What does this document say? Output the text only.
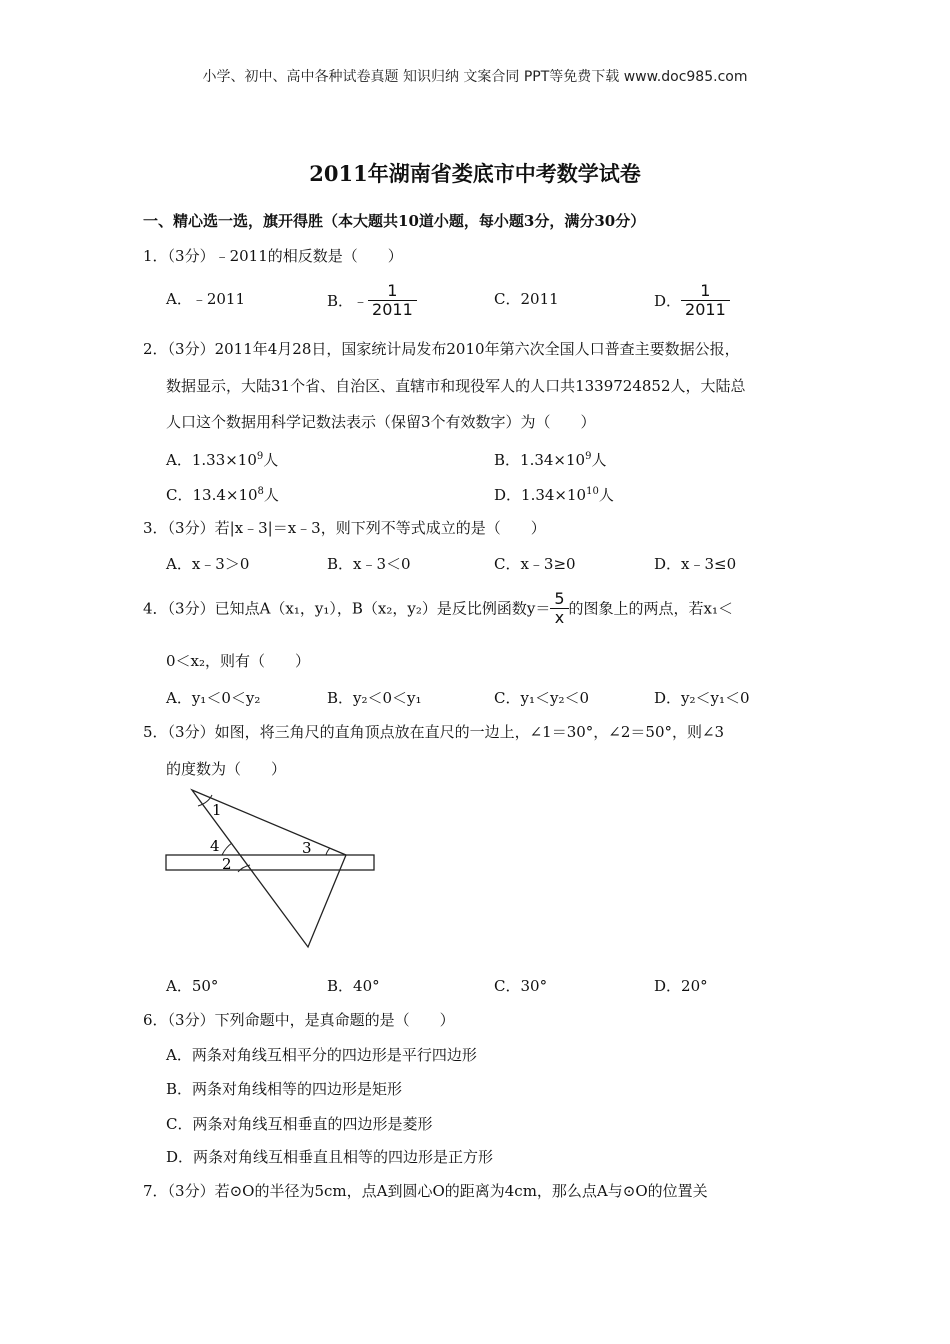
小学、初中、高中各种试卷真题 知识归纳 文案合同 PPT等免费下载 www.doc985.com
2011年湖南省娄底市中考数学试卷
一、精心选一选，旗开得胜（本大题共10道小题，每小题3分，满分30分）
1．（3分）﹣2011的相反数是（　　）
A．﹣2011	B．﹣ $\frac{1}{2011}$	C．2011	D． $\frac{1}{2011}$
2．（3分）2011年4月28日，国家统计局发布2010年第六次全国人口普查主要数据公报，
数据显示，大陆31个省、自治区、直辖市和现役军人的人口共1339724852人，大陆总
人口这个数据用科学记数法表示（保留3个有效数字）为（　　）
A．$1.33\times 10^9$人	B．$1.34\times 10^9$人
C．$13.4\times 10^8$人	D．$1.34\times 10^{10}$人
3．（3分）若|x﹣3|＝x﹣3，则下列不等式成立的是（　　）
A．x﹣3＞0	B．x﹣3＜0	C．x﹣3≥0	D．x﹣3≤0
4．（3分）已知点A（x₁，y₁），B（x₂，y₂）是反比例函数$y= \frac{5}{x}$ 的图象上的两点，若x₁＜
0＜x₂，则有（　　）
A．y₁＜0＜y₂	B．y₂＜0＜y₁	C．y₁＜y₂＜0	D．y₂＜y₁＜0
5．（3分）如图，将三角尺的直角顶点放在直尺的一边上，∠1＝30°，∠2＝50°，则∠3
的度数为（　　）
1
4
2
3
A．50°	B．40°	C．30°	D．20°
6．（3分）下列命题中，是真命题的是（　　）
A．两条对角线互相平分的四边形是平行四边形
B．两条对角线相等的四边形是矩形
C．两条对角线互相垂直的四边形是菱形
D．两条对角线互相垂直且相等的四边形是正方形
7．（3分）若⊙O的半径为5cm，点A到圆心O的距离为4cm，那么点A与⊙O的位置关
